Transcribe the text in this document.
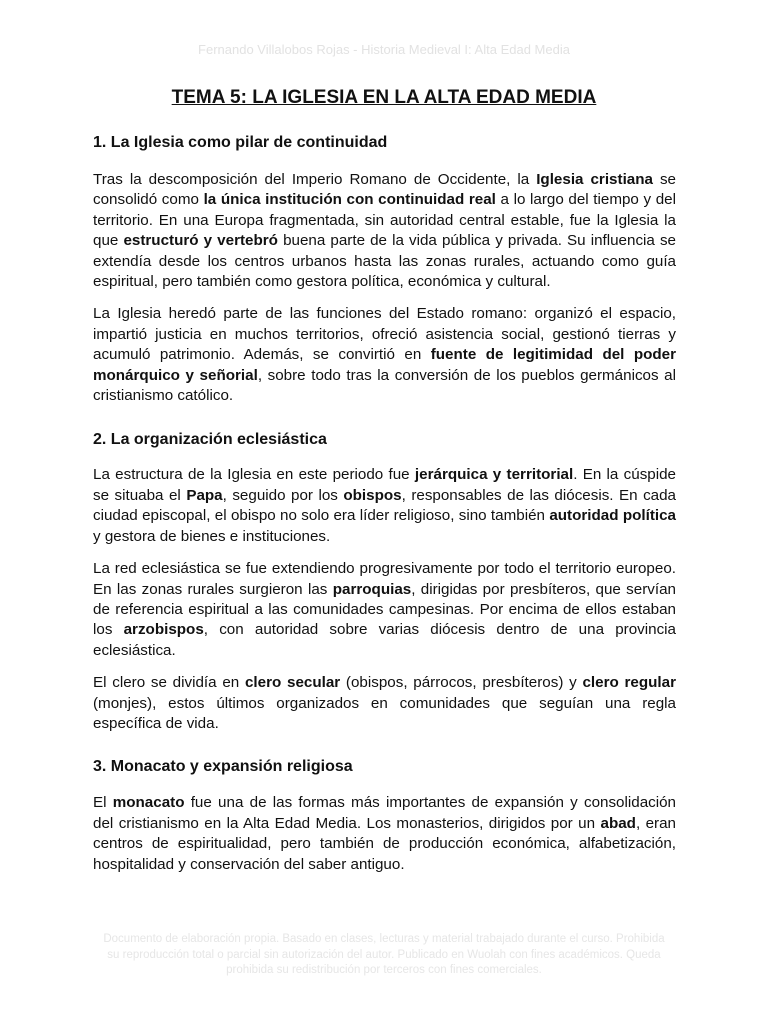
Fernando Villalobos Rojas - Historia Medieval I: Alta Edad Media
TEMA 5: LA IGLESIA EN LA ALTA EDAD MEDIA
1. La Iglesia como pilar de continuidad

Tras la descomposición del Imperio Romano de Occidente, la Iglesia cristiana se consolidó como la única institución con continuidad real a lo largo del tiempo y del territorio. En una Europa fragmentada, sin autoridad central estable, fue la Iglesia la que estructuró y vertebró buena parte de la vida pública y privada. Su influencia se extendía desde los centros urbanos hasta las zonas rurales, actuando como guía espiritual, pero también como gestora política, económica y cultural.

La Iglesia heredó parte de las funciones del Estado romano: organizó el espacio, impartió justicia en muchos territorios, ofreció asistencia social, gestionó tierras y acumuló patrimonio. Además, se convirtió en fuente de legitimidad del poder monárquico y señorial, sobre todo tras la conversión de los pueblos germánicos al cristianismo católico.

2. La organización eclesiástica

La estructura de la Iglesia en este periodo fue jerárquica y territorial. En la cúspide se situaba el Papa, seguido por los obispos, responsables de las diócesis. En cada ciudad episcopal, el obispo no solo era líder religioso, sino también autoridad política y gestora de bienes e instituciones.

La red eclesiástica se fue extendiendo progresivamente por todo el territorio europeo. En las zonas rurales surgieron las parroquias, dirigidas por presbíteros, que servían de referencia espiritual a las comunidades campesinas. Por encima de ellos estaban los arzobispos, con autoridad sobre varias diócesis dentro de una provincia eclesiástica.

El clero se dividía en clero secular (obispos, párrocos, presbíteros) y clero regular (monjes), estos últimos organizados en comunidades que seguían una regla específica de vida.

3. Monacato y expansión religiosa

El monacato fue una de las formas más importantes de expansión y consolidación del cristianismo en la Alta Edad Media. Los monasterios, dirigidos por un abad, eran centros de espiritualidad, pero también de producción económica, alfabetización, hospitalidad y conservación del saber antiguo.

Documento de elaboración propia. Basado en clases, lecturas y material trabajado durante el curso. Prohibida su reproducción total o parcial sin autorización del autor. Publicado en Wuolah con fines académicos. Queda prohibida su redistribución por terceros con fines comerciales.
